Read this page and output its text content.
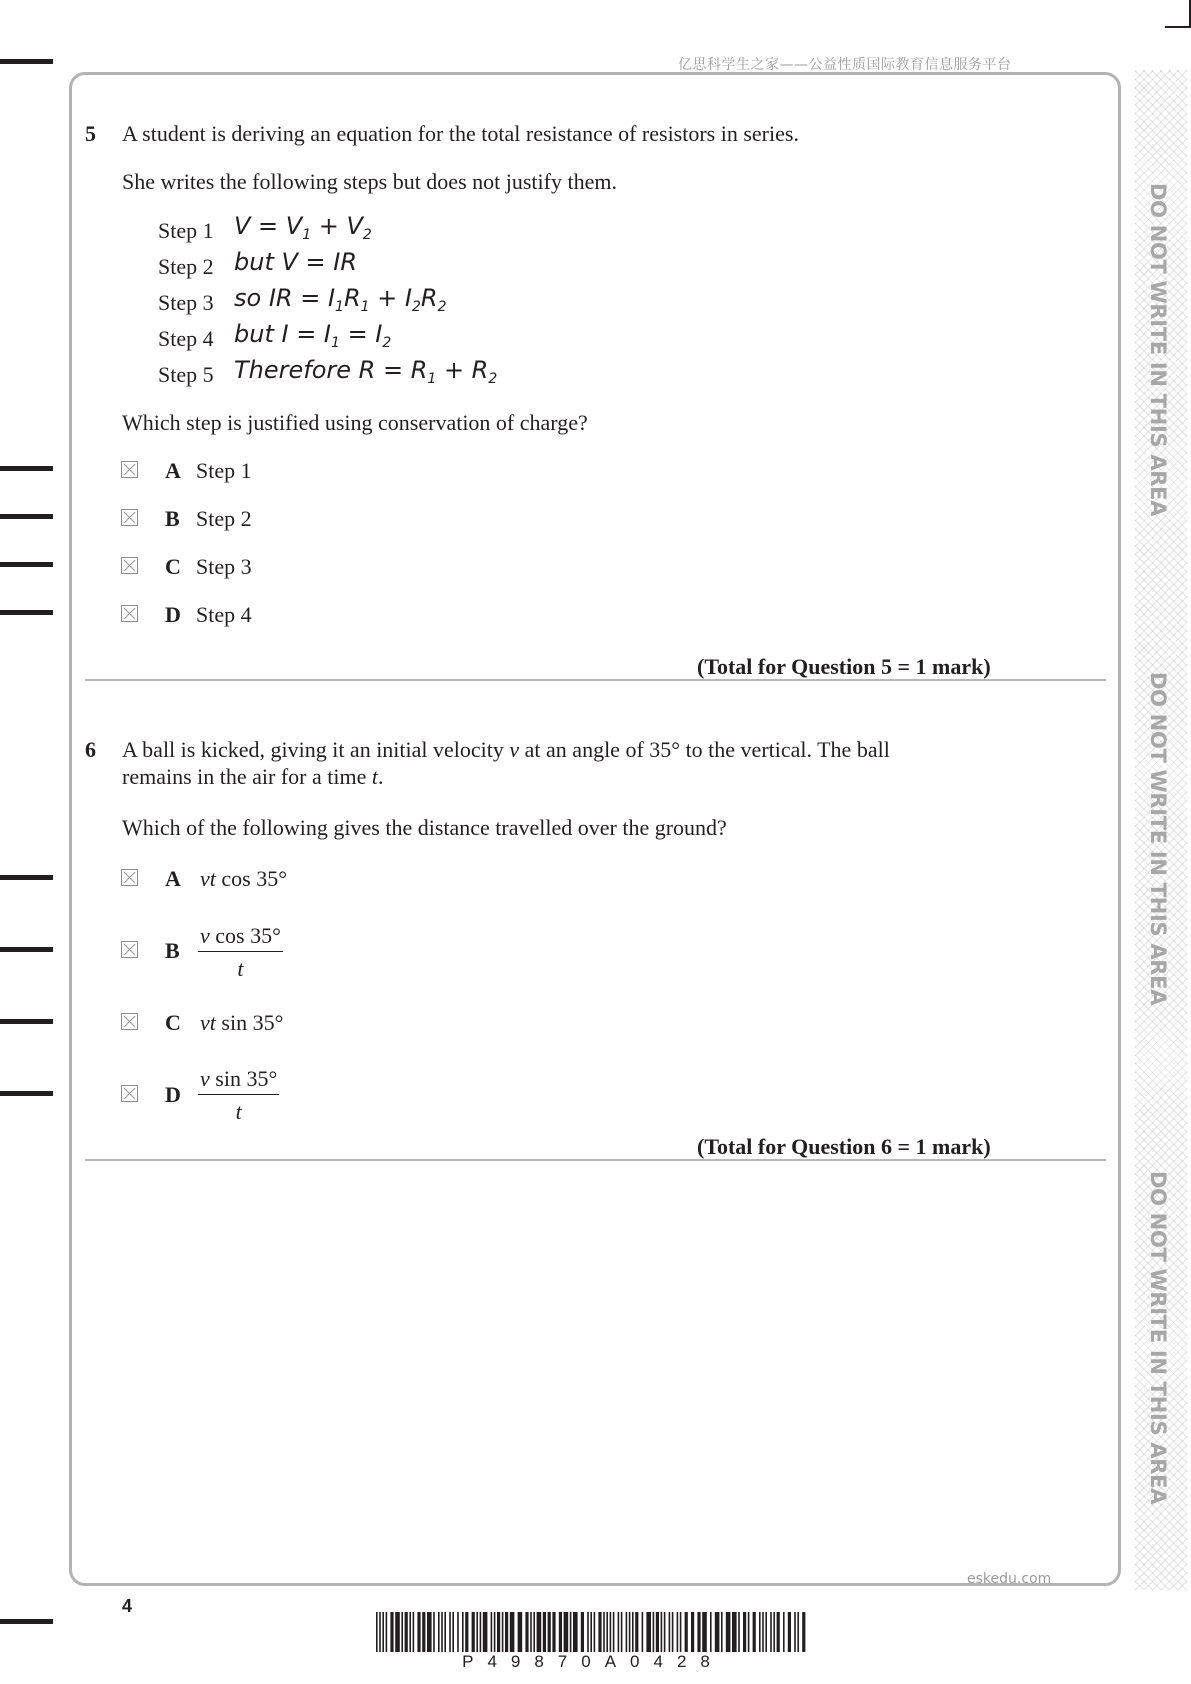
亿思科学生之家——公益性质国际教育信息服务平台
DO NOT WRITE IN THIS AREA
DO NOT WRITE IN THIS AREA
DO NOT WRITE IN THIS AREA
5 A student is deriving an equation for the total resistance of resistors in series.
She writes the following steps but does not justify them.
Step 1 $V = V_1 + V_2$
Step 2 but V = IR
Step 3 so IR = $I_1R_1 + I_2R_2$
Step 4 but $I = I_1 = I_2$
Step 5 Therefore $R = R_1 + R_2$
Which step is justified using conservation of charge?
A Step 1
B Step 2
C Step 3
D Step 4
(Total for Question 5 = 1 mark)
6 A ball is kicked, giving it an initial velocity v at an angle of 35° to the vertical. The ball
remains in the air for a time t.
Which of the following gives the distance travelled over the ground?
A vt cos 35°
B $\frac{\text{v cos 35°}}{t}$
C vt sin 35°
D $\frac{\text{v sin 35°}}{t}$
(Total for Question 6 = 1 mark)
eskedu.com
4
P49870A0428
